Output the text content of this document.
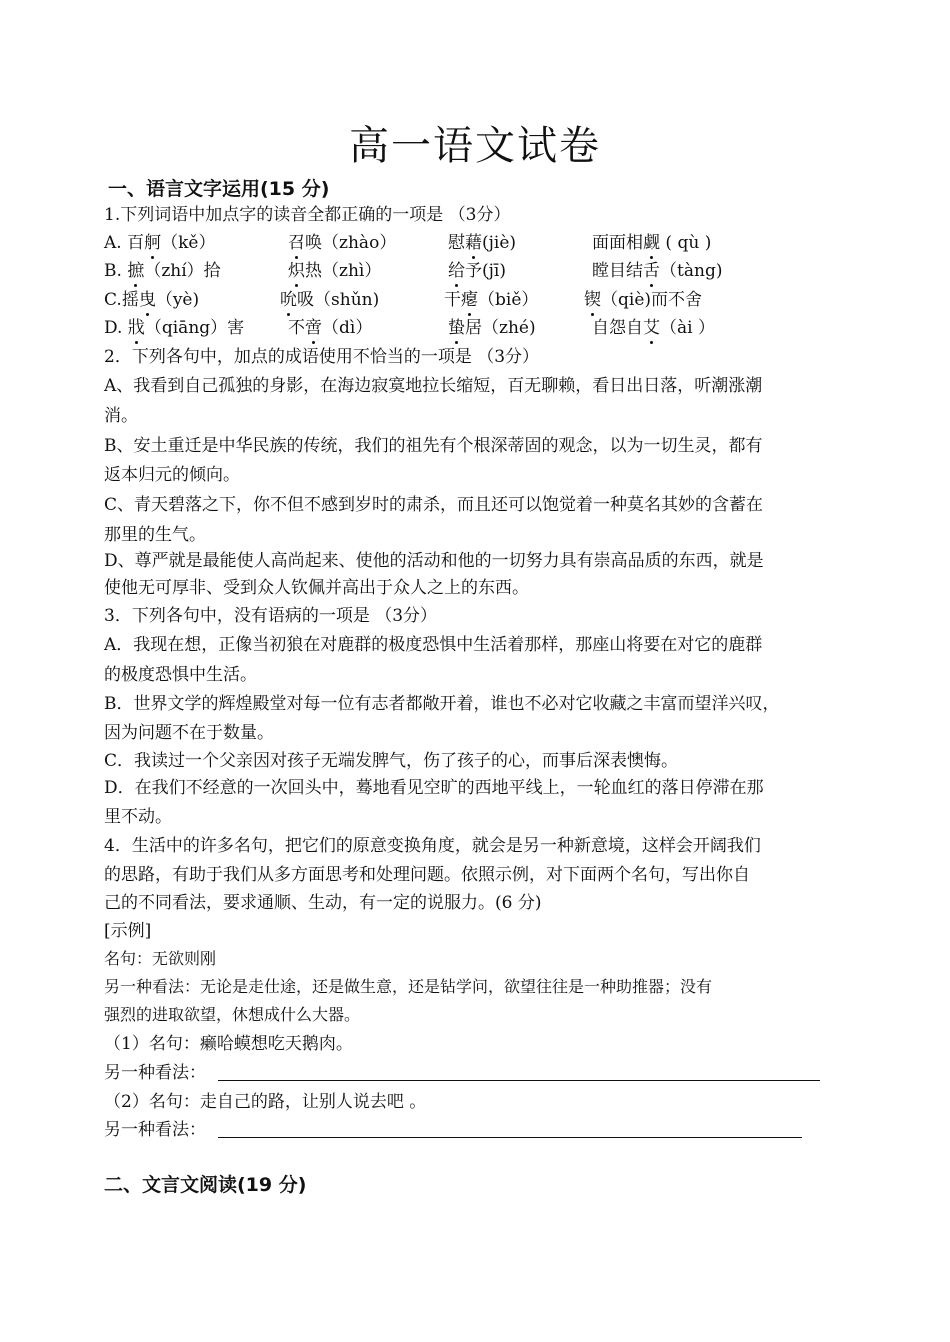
高一语文试卷
一、语言文字运用(15 分)
1.下列词语中加点字的读音全都正确的一项是 （3分）
A. 百舸（kě）	召唤（zhào）	慰藉(jiè)	面面相觑 ( qù )
B. 摭（zhí）拾	炽热（zhì）	给予(jī)	瞠目结舌（tàng)
C.摇曳（yè)	吮吸（shǔn)	干瘪（biě）	锲（qiè)而不舍
D. 戕（qiāng）害	不啻（dì）	蛰居（zhé)	自怨自艾（ài ）
2．下列各句中，加点的成语使用不恰当的一项是 （3分）
A、我看到自己孤独的身影，在海边寂寞地拉长缩短，百无聊赖，看日出日落，听潮涨潮
消。
B、安土重迁是中华民族的传统，我们的祖先有个根深蒂固的观念，以为一切生灵，都有
返本归元的倾向。
C、青天碧落之下，你不但不感到岁时的肃杀，而且还可以饱觉着一种莫名其妙的含蓄在
那里的生气。
D、尊严就是最能使人高尚起来、使他的活动和他的一切努力具有崇高品质的东西，就是
使他无可厚非、受到众人钦佩并高出于众人之上的东西。
3．下列各句中，没有语病的一项是 （3分）
A．我现在想，正像当初狼在对鹿群的极度恐惧中生活着那样，那座山将要在对它的鹿群
的极度恐惧中生活。
B．世界文学的辉煌殿堂对每一位有志者都敞开着，谁也不必对它收藏之丰富而望洋兴叹，
因为问题不在于数量。
C．我读过一个父亲因对孩子无端发脾气，伤了孩子的心，而事后深表懊悔。
D．在我们不经意的一次回头中，蓦地看见空旷的西地平线上，一轮血红的落日停滞在那
里不动。
4．生活中的许多名句，把它们的原意变换角度，就会是另一种新意境，这样会开阔我们
的思路，有助于我们从多方面思考和处理问题。依照示例，对下面两个名句，写出你自
己的不同看法，要求通顺、生动，有一定的说服力。(6 分)
[示例]
名句：无欲则刚
另一种看法：无论是走仕途，还是做生意，还是钻学问，欲望往往是一种助推器；没有
强烈的进取欲望，休想成什么大器。
（1）名句：癞哈蟆想吃天鹅肉。
另一种看法：
（2）名句：走自己的路，让别人说去吧 。
另一种看法：
二、文言文阅读(19 分)
